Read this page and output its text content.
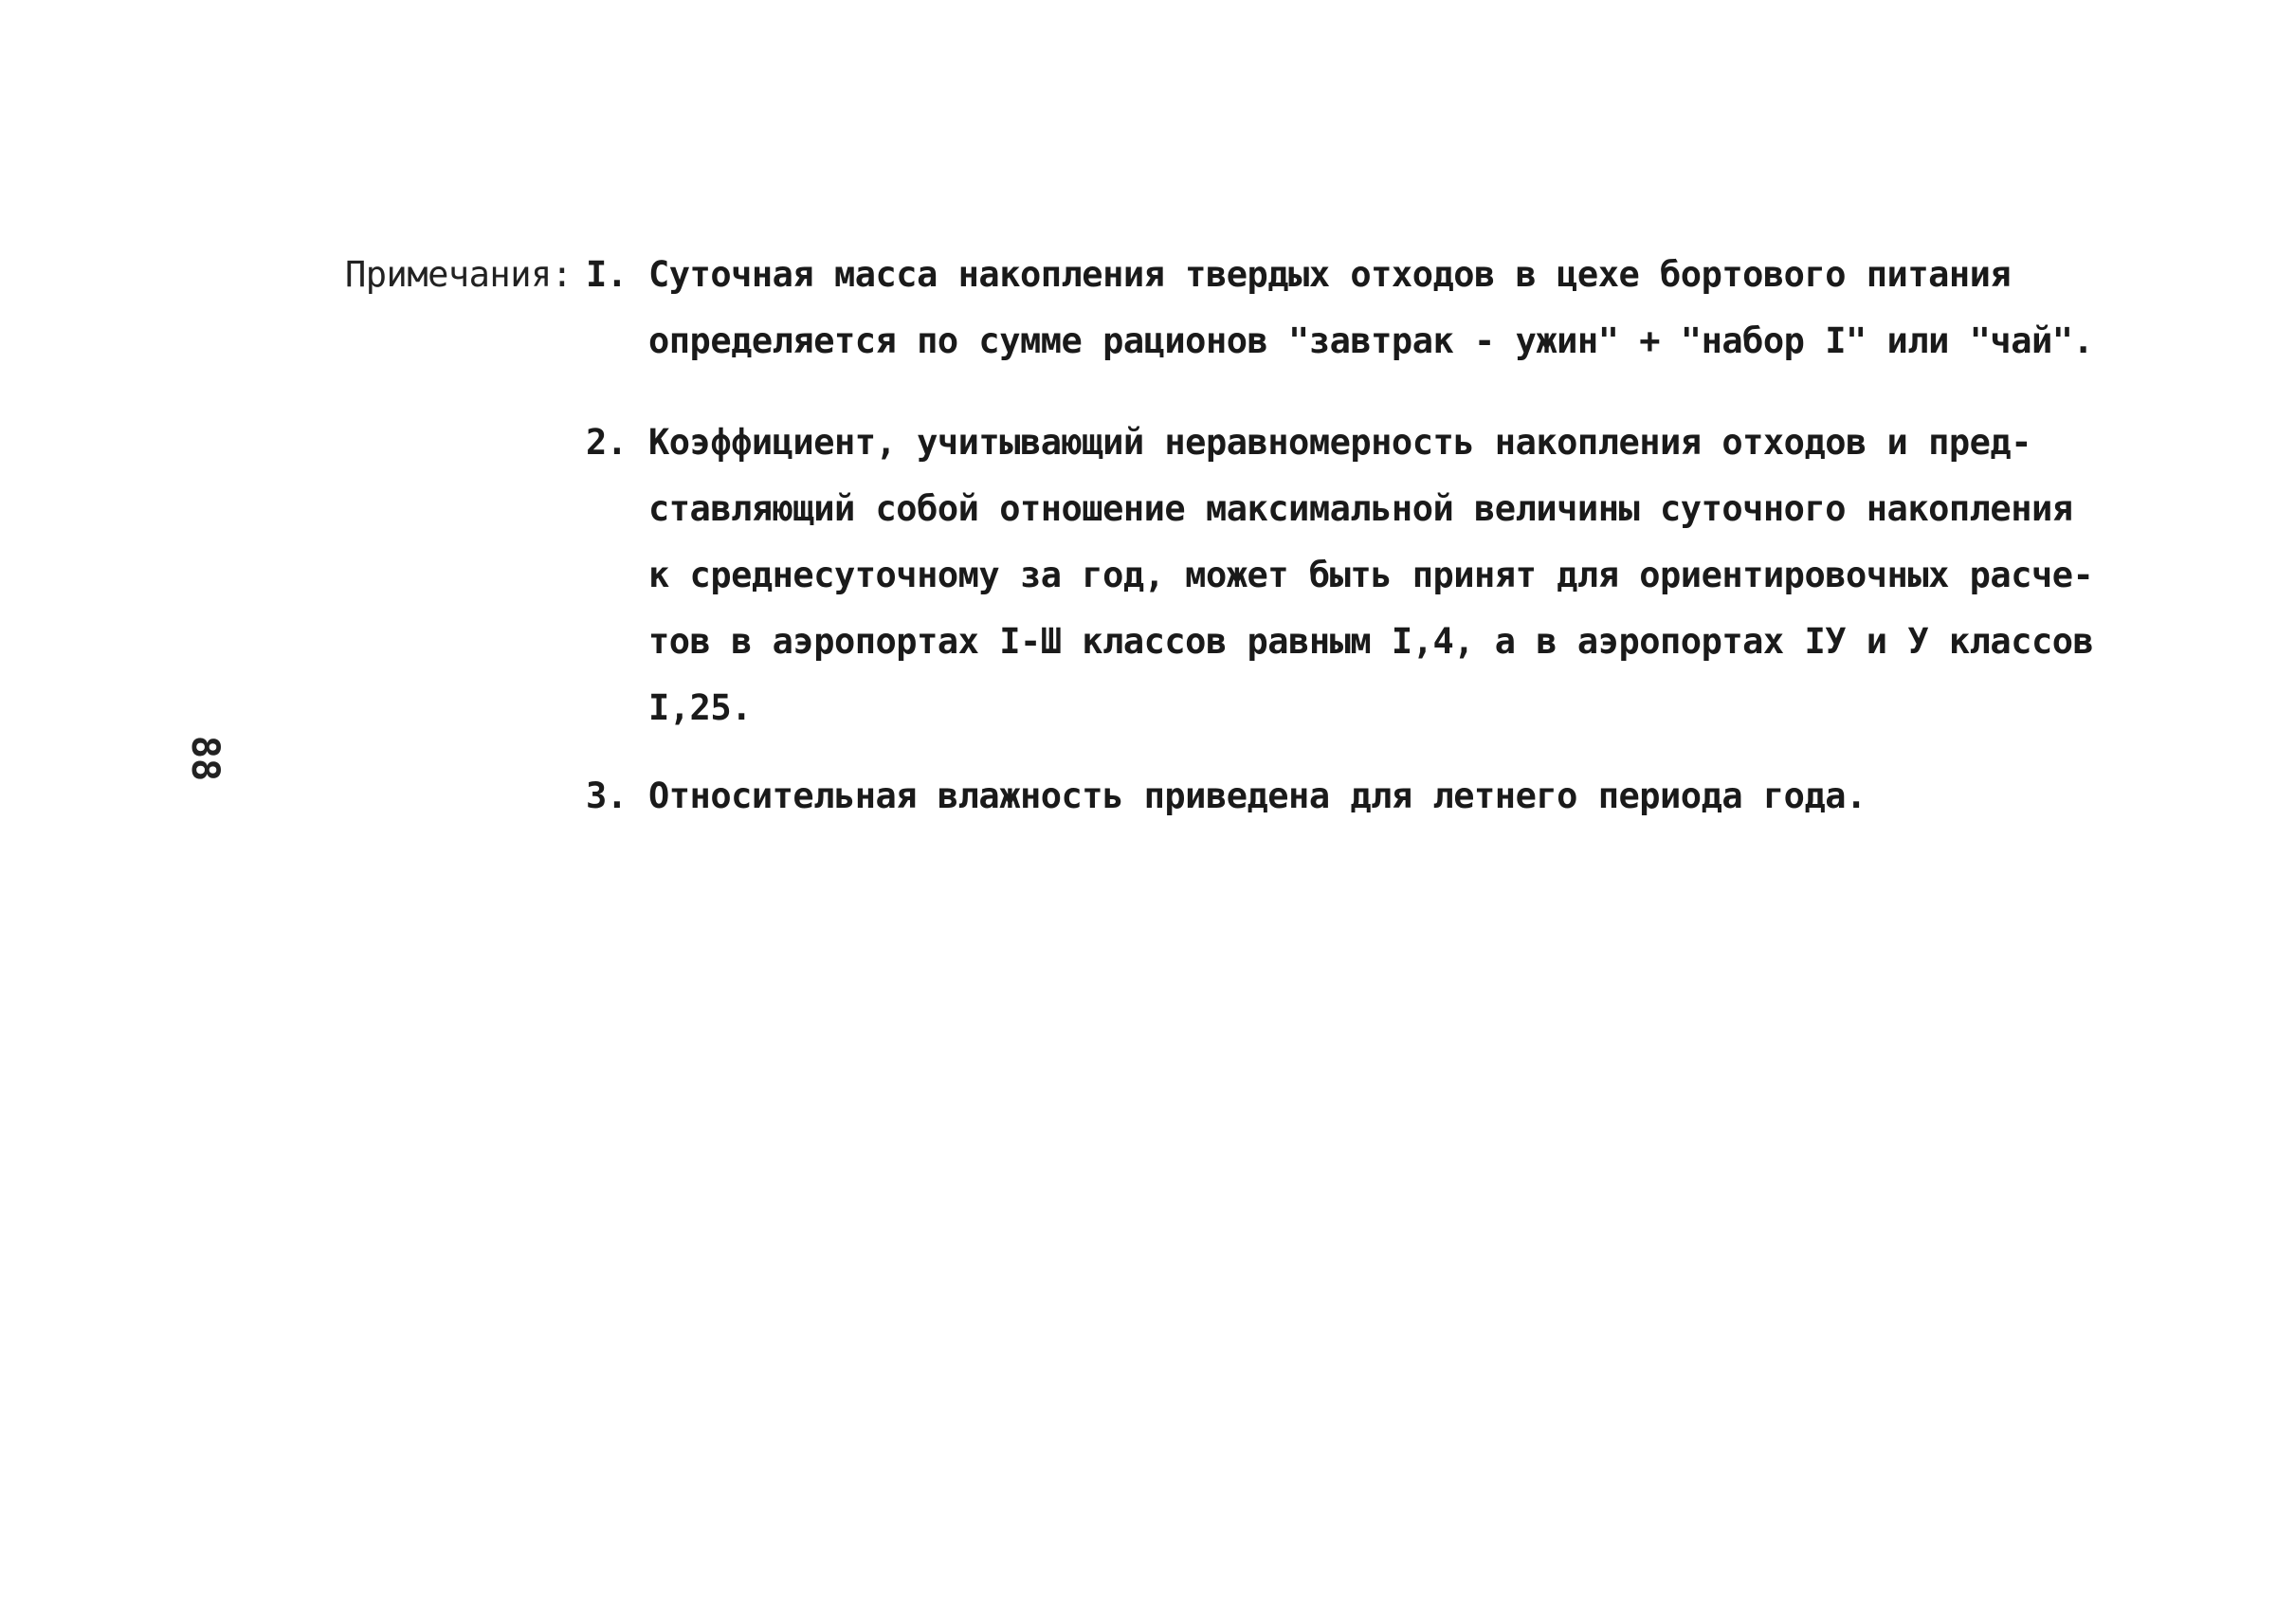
Примечания: I. Суточная масса накопления твердых отходов в цехе бортового питания
определяется по сумме рационов "завтрак - ужин" + "набор I" или "чай".
2. Коэффициент, учитывающий неравномерность накопления отходов и пред-
ставляющий собой отношение максимальной величины суточного накопления
к среднесуточному за год, может быть принят для ориентировочных расче-
тов в аэропортах I-Ш классов равным I,4, а в аэропортах IУ и У классов
I,25.
3. Относительная влажность приведена для летнего периода года.
88
